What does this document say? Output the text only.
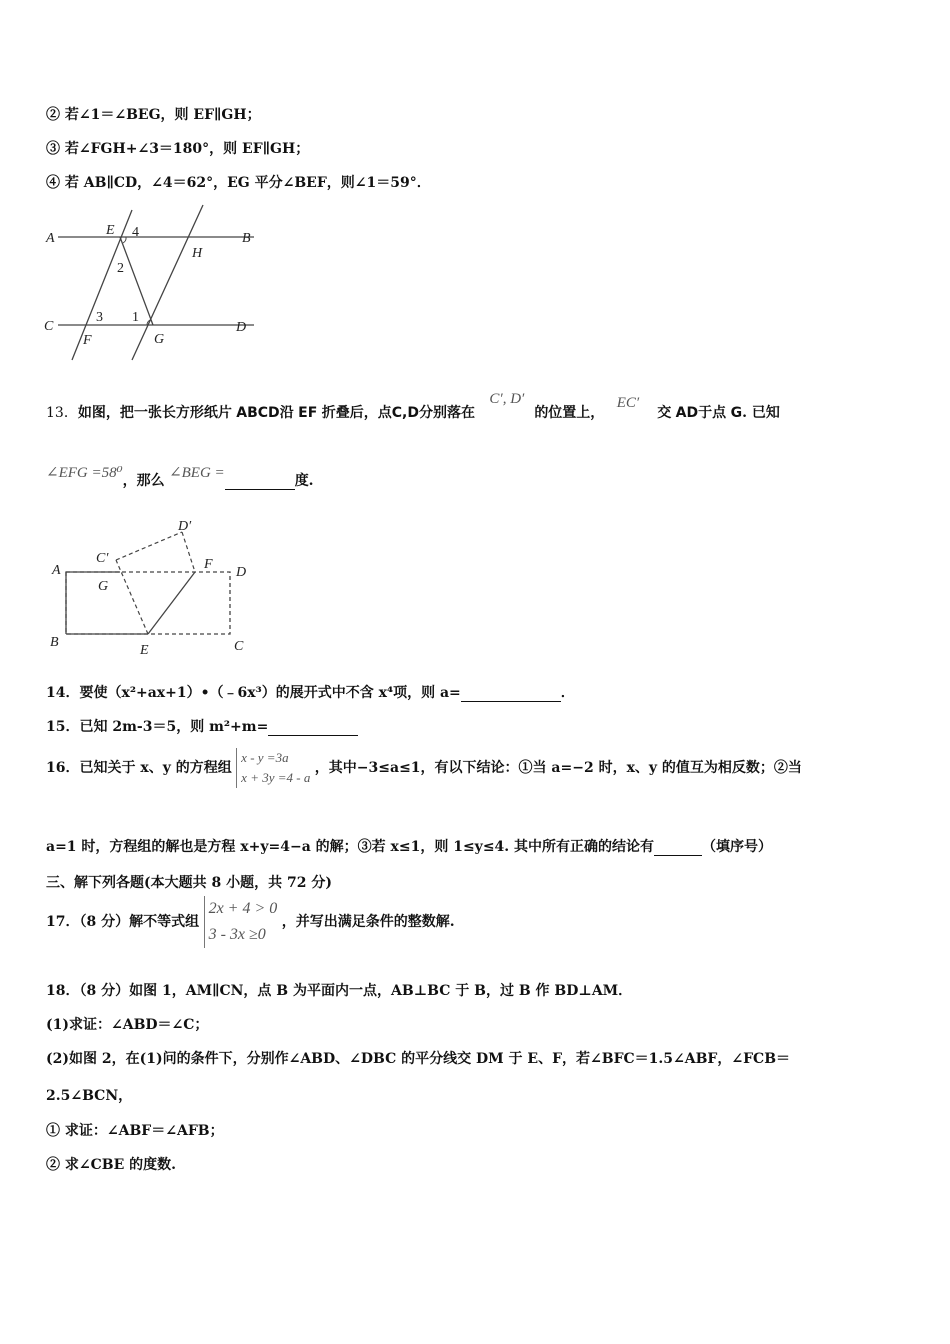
② 若∠1＝∠BEG，则 EF∥GH；
③ 若∠FGH+∠3＝180°，则 EF∥GH；
④ 若 AB∥CD，∠4＝62°，EG 平分∠BEF，则∠1＝59°．
A	B
C	D
E 4
H
2
3 1
F	G
13．如图，把一张长方形纸片 ABCD沿 EF 折叠后，点C,D分别落在 C′, D′的位置上， EC′交 AD于点 G. 已知
∠EFG =58⁰，那么 ∠BEG =	度.
A
B	C
D
E
F
G
C′
D′
14．要使（x²+ax+1）•（﹣6x³）的展开式中不含 x⁴项，则 a=	．
15．已知 2m-3＝5，则 m²+m=
16．已知关于 x、y 的方程组
x - y =3a
x + 3y =4 - a
，其中−3≤a≤1，有以下结论：①当 a=−2 时，x、y 的值互为相反数；②当
a=1 时，方程组的解也是方程 x+y=4−a 的解；③若 x≤1，则 1≤y≤4. 其中所有正确的结论有	（填序号）
三、解下列各题(本大题共 8 小题，共 72 分)
17．（8 分）解不等式组
2x + 4 > 0
3 - 3x ≥0
，并写出满足条件的整数解.
18．（8 分）如图 1，AM∥CN，点 B 为平面内一点，AB⊥BC 于 B，过 B 作 BD⊥AM．
(1)求证：∠ABD＝∠C；
(2)如图 2，在(1)问的条件下，分别作∠ABD、∠DBC 的平分线交 DM 于 E、F，若∠BFC＝1.5∠ABF，∠FCB＝
2.5∠BCN，
① 求证：∠ABF＝∠AFB；
② 求∠CBE 的度数.
